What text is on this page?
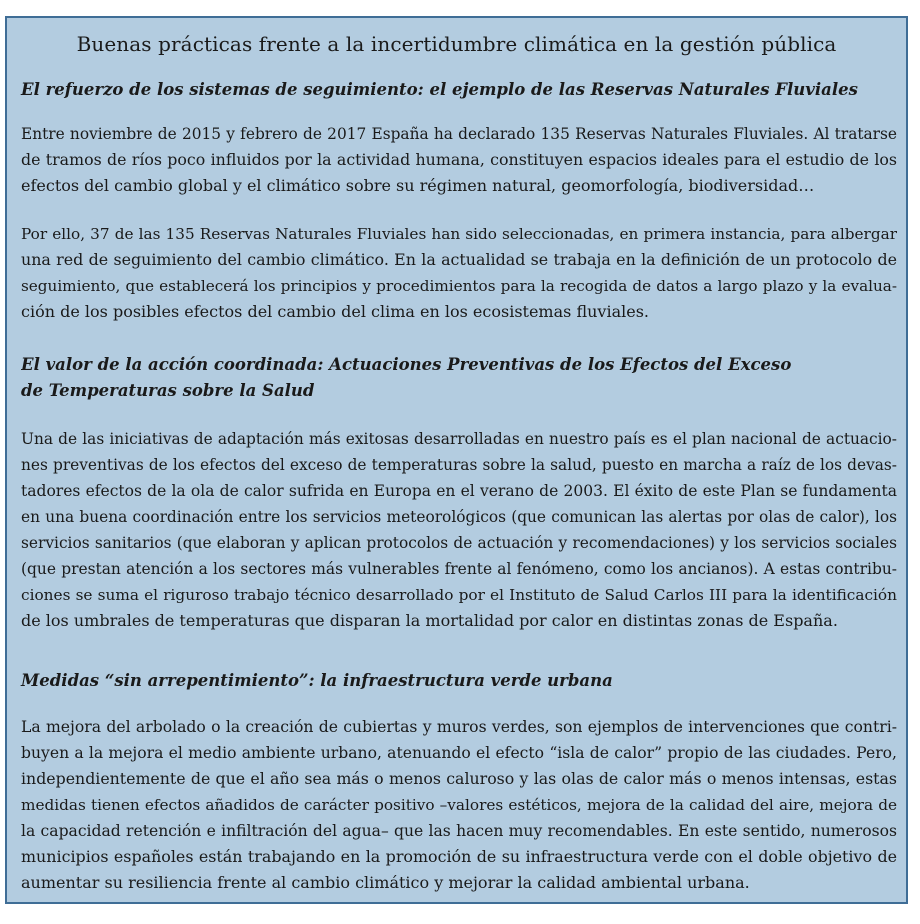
Buenas prácticas frente a la incertidumbre climática en la gestión pública
El refuerzo de los sistemas de seguimiento: el ejemplo de las Reservas Naturales Fluviales
Entre noviembre de 2015 y febrero de 2017 España ha declarado 135 Reservas Naturales Fluviales. Al tratarse
de tramos de ríos poco influidos por la actividad humana, constituyen espacios ideales para el estudio de los
efectos del cambio global y el climático sobre su régimen natural, geomorfología, biodiversidad…
Por ello, 37 de las 135 Reservas Naturales Fluviales han sido seleccionadas, en primera instancia, para albergar
una red de seguimiento del cambio climático. En la actualidad se trabaja en la definición de un protocolo de
seguimiento, que establecerá los principios y procedimientos para la recogida de datos a largo plazo y la evalua-
ción de los posibles efectos del cambio del clima en los ecosistemas fluviales.
El valor de la acción coordinada: Actuaciones Preventivas de los Efectos del Exceso
de Temperaturas sobre la Salud
Una de las iniciativas de adaptación más exitosas desarrolladas en nuestro país es el plan nacional de actuacio-
nes preventivas de los efectos del exceso de temperaturas sobre la salud, puesto en marcha a raíz de los devas-
tadores efectos de la ola de calor sufrida en Europa en el verano de 2003. El éxito de este Plan se fundamenta
en una buena coordinación entre los servicios meteorológicos (que comunican las alertas por olas de calor), los
servicios sanitarios (que elaboran y aplican protocolos de actuación y recomendaciones) y los servicios sociales
(que prestan atención a los sectores más vulnerables frente al fenómeno, como los ancianos). A estas contribu-
ciones se suma el riguroso trabajo técnico desarrollado por el Instituto de Salud Carlos III para la identificación
de los umbrales de temperaturas que disparan la mortalidad por calor en distintas zonas de España.
Medidas “sin arrepentimiento”: la infraestructura verde urbana
La mejora del arbolado o la creación de cubiertas y muros verdes, son ejemplos de intervenciones que contri-
buyen a la mejora el medio ambiente urbano, atenuando el efecto “isla de calor” propio de las ciudades. Pero,
independientemente de que el año sea más o menos caluroso y las olas de calor más o menos intensas, estas
medidas tienen efectos añadidos de carácter positivo –valores estéticos, mejora de la calidad del aire, mejora de
la capacidad retención e infiltración del agua– que las hacen muy recomendables. En este sentido, numerosos
municipios españoles están trabajando en la promoción de su infraestructura verde con el doble objetivo de
aumentar su resiliencia frente al cambio climático y mejorar la calidad ambiental urbana.
